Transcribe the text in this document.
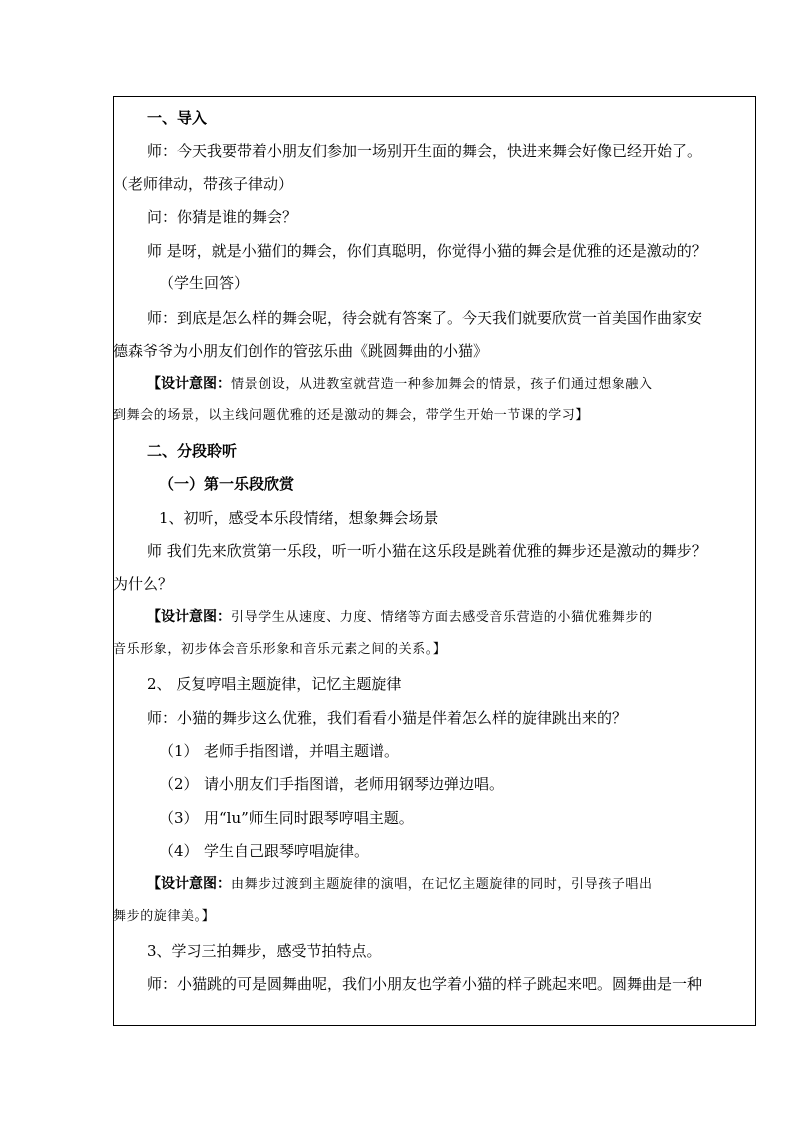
一、导入
师：今天我要带着小朋友们参加一场别开生面的舞会，快进来舞会好像已经开始了。
（老师律动，带孩子律动）
问：你猜是谁的舞会？
师 是呀，就是小猫们的舞会，你们真聪明，你觉得小猫的舞会是优雅的还是激动的？
（学生回答）
师：到底是怎么样的舞会呢，待会就有答案了。今天我们就要欣赏一首美国作曲家安
德森爷爷为小朋友们创作的管弦乐曲《跳圆舞曲的小猫》
【设计意图：情景创设，从进教室就营造一种参加舞会的情景，孩子们通过想象融入
到舞会的场景，以主线问题优雅的还是激动的舞会，带学生开始一节课的学习】
二、分段聆听
（一）第一乐段欣赏
1、初听，感受本乐段情绪，想象舞会场景
师 我们先来欣赏第一乐段，听一听小猫在这乐段是跳着优雅的舞步还是激动的舞步？
为什么？
【设计意图：引导学生从速度、力度、情绪等方面去感受音乐营造的小猫优雅舞步的
音乐形象，初步体会音乐形象和音乐元素之间的关系。】
2、 反复哼唱主题旋律，记忆主题旋律
师：小猫的舞步这么优雅，我们看看小猫是伴着怎么样的旋律跳出来的？
（1） 老师手指图谱，并唱主题谱。
（2） 请小朋友们手指图谱，老师用钢琴边弹边唱。
（3） 用“lu”师生同时跟琴哼唱主题。
（4） 学生自己跟琴哼唱旋律。
【设计意图：由舞步过渡到主题旋律的演唱，在记忆主题旋律的同时，引导孩子唱出
舞步的旋律美。】
3、学习三拍舞步，感受节拍特点。
师：小猫跳的可是圆舞曲呢，我们小朋友也学着小猫的样子跳起来吧。圆舞曲是一种
